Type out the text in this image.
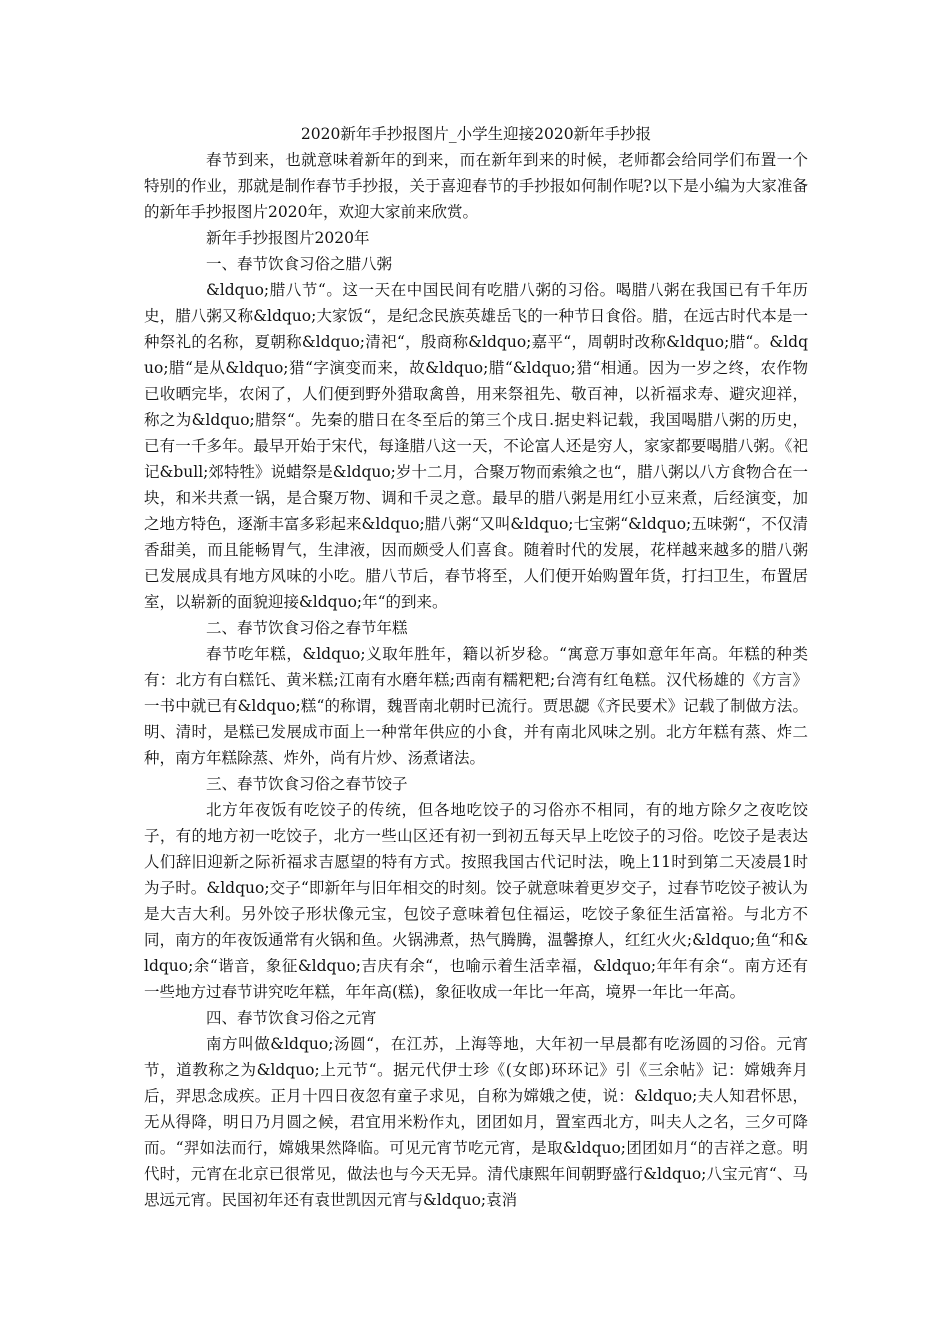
2020新年手抄报图片_小学生迎接2020新年手抄报

春节到来，也就意味着新年的到来，而在新年到来的时候，老师都会给同学们布置一个特别的作业，那就是制作春节手抄报，关于喜迎春节的手抄报如何制作呢?以下是小编为大家准备的新年手抄报图片2020年，欢迎大家前来欣赏。

新年手抄报图片2020年

一、春节饮食习俗之腊八粥

&ldquo;腊八节“。这一天在中国民间有吃腊八粥的习俗。喝腊八粥在我国已有千年历史，腊八粥又称&ldquo;大家饭“，是纪念民族英雄岳飞的一种节日食俗。腊，在远古时代本是一种祭礼的名称，夏朝称&ldquo;清祀“，殷商称&ldquo;嘉平“，周朝时改称&ldquo;腊“。&ldquo;腊“是从&ldquo;猎“字演变而来，故&ldquo;腊“&ldquo;猎“相通。因为一岁之终，农作物已收晒完毕，农闲了，人们便到野外猎取禽兽，用来祭祖先、敬百神，以祈福求寿、避灾迎祥，称之为&ldquo;腊祭“。先秦的腊日在冬至后的第三个戌日.据史料记载，我国喝腊八粥的历史，已有一千多年。最早开始于宋代，每逢腊八这一天，不论富人还是穷人，家家都要喝腊八粥。《祀记&bull;郊特牲》说蜡祭是&ldquo;岁十二月，合聚万物而索飨之也“，腊八粥以八方食物合在一块，和米共煮一锅，是合聚万物、调和千灵之意。最早的腊八粥是用红小豆来煮，后经演变，加之地方特色，逐渐丰富多彩起来&ldquo;腊八粥“又叫&ldquo;七宝粥“&ldquo;五味粥“，不仅清香甜美，而且能畅胃气，生津液，因而颇受人们喜食。随着时代的发展，花样越来越多的腊八粥已发展成具有地方风味的小吃。腊八节后，春节将至，人们便开始购置年货，打扫卫生，布置居室，以崭新的面貌迎接&ldquo;年“的到来。

二、春节饮食习俗之春节年糕

春节吃年糕，&ldquo;义取年胜年，籍以祈岁稔。“寓意万事如意年年高。年糕的种类有：北方有白糕饦、黄米糕;江南有水磨年糕;西南有糯粑粑;台湾有红龟糕。汉代杨雄的《方言》一书中就已有&ldquo;糕“的称谓，魏晋南北朝时已流行。贾思勰《齐民要术》记载了制做方法。明、清时，是糕已发展成市面上一种常年供应的小食，并有南北风味之别。北方年糕有蒸、炸二种，南方年糕除蒸、炸外，尚有片炒、汤煮诸法。

三、春节饮食习俗之春节饺子

北方年夜饭有吃饺子的传统，但各地吃饺子的习俗亦不相同，有的地方除夕之夜吃饺子，有的地方初一吃饺子，北方一些山区还有初一到初五每天早上吃饺子的习俗。吃饺子是表达人们辞旧迎新之际祈福求吉愿望的特有方式。按照我国古代记时法，晚上11时到第二天凌晨1时为子时。&ldquo;交子“即新年与旧年相交的时刻。饺子就意味着更岁交子，过春节吃饺子被认为是大吉大利。另外饺子形状像元宝，包饺子意味着包住福运，吃饺子象征生活富裕。与北方不同，南方的年夜饭通常有火锅和鱼。火锅沸煮，热气腾腾，温馨撩人，红红火火;&ldquo;鱼“和&ldquo;余“谐音，象征&ldquo;吉庆有余“，也喻示着生活幸福，&ldquo;年年有余“。南方还有一些地方过春节讲究吃年糕，年年高(糕)，象征收成一年比一年高，境界一年比一年高。

四、春节饮食习俗之元宵

南方叫做&ldquo;汤圆“，在江苏，上海等地，大年初一早晨都有吃汤圆的习俗。元宵节，道教称之为&ldquo;上元节“。据元代伊士珍《(女郎)环环记》引《三余帖》记：嫦娥奔月后，羿思念成疾。正月十四日夜忽有童子求见，自称为嫦娥之使，说：&ldquo;夫人知君怀思，无从得降，明日乃月圆之候，君宜用米粉作丸，团团如月，置室西北方，叫夫人之名，三夕可降而。“羿如法而行，嫦娥果然降临。可见元宵节吃元宵，是取&ldquo;团团如月“的吉祥之意。明代时，元宵在北京已很常见，做法也与今天无异。清代康熙年间朝野盛行&ldquo;八宝元宵“、马思远元宵。民国初年还有袁世凯因元宵与&ldquo;袁消
